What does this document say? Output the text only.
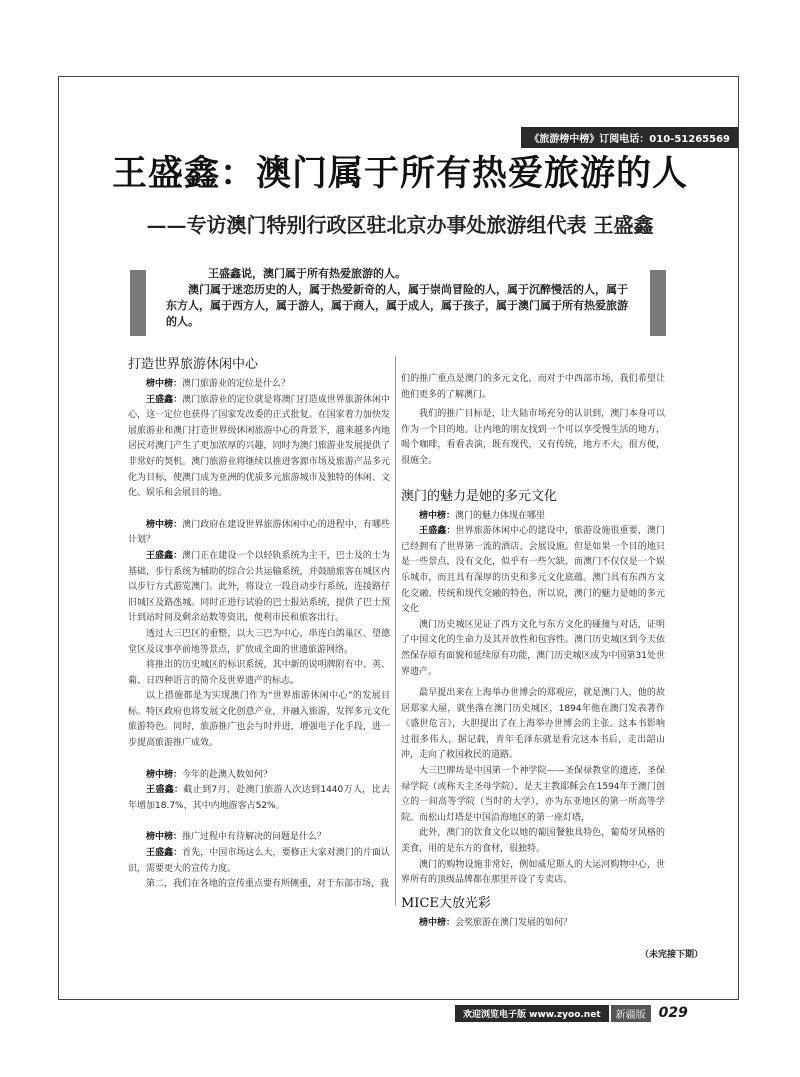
《旅游榜中榜》订阅电话：010-51265569
王盛鑫：澳门属于所有热爱旅游的人
——专访澳门特别行政区驻北京办事处旅游组代表 王盛鑫

王盛鑫说，澳门属于所有热爱旅游的人。

澳门属于迷恋历史的人，属于热爱新奇的人，属于崇尚冒险的人，属于沉醉慢活的人，属于东方人，属于西方人，属于游人，属于商人，属于成人，属于孩子，属于澳门属于所有热爱旅游的人。

打造世界旅游休闲中心

榜中榜：澳门旅游业的定位是什么？

王盛鑫：澳门旅游业的定位就是将澳门打造成世界旅游休闲中心，这一定位也获得了国家发改委的正式批复。在国家着力加快发展旅游业和澳门打造世界级休闲旅游中心的背景下，越来越多内地居民对澳门产生了更加浓厚的兴趣，同时为澳门旅游业发展提供了非常好的契机。澳门旅游业将继续以推进客源市场及旅游产品多元化为目标，使澳门成为亚洲的优质多元旅游城市及独特的休闲、文化、娱乐和会展目的地。

榜中榜：澳门政府在建设世界旅游休闲中心的进程中，有哪些计划？

王盛鑫：澳门正在建设一个以轻轨系统为主干，巴士及的士为基础，步行系统为辅助的综合公共运输系统，并鼓励旅客在城区内以步行方式游览澳门。此外，将设立一段自动步行系统，连接路仔旧城区及路氹城。同时正进行试验的巴士报站系统，提供了巴士预计到站时间及剩余站数等资讯，便利市民和旅客出行。

透过大三巴区的重整，以大三巴为中心，串连白鸽巢区、望德堂区及议事亭前地等景点，扩放成全面的世遗旅游网络。

将推出的历史城区的标识系统，其中新的说明牌附有中、英、葡、日四种语言的简介及世界遗产的标志。

以上措施都是为实现澳门作为“世界旅游休闲中心”的发展目标。特区政府也将发展文化创意产业，并融入旅游，发挥多元文化旅游特色。同时，旅游推广也会与时并进，增强电子化手段，进一步提高旅游推广成效。

榜中榜：今年的赴澳人数如何？

王盛鑫：截止到7月，赴澳门旅游人次达到1440万人，比去年增加18.7%，其中内地游客占52%。

榜中榜：推广过程中有待解决的问题是什么？

王盛鑫：首先，中国市场这么大，要修正大家对澳门的片面认识，需要更大的宣传力度。

第二，我们在各地的宣传重点要有所侧重，对于东部市场，我

们的推广重点是澳门的多元文化，而对于中西部市场，我们希望让他们更多的了解澳门。

我们的推广目标是，让大陆市场充分的认识到，澳门本身可以作为一个目的地。让内地的朋友找到一个可以享受慢生活的地方，喝个咖啡，看看表演，既有现代，又有传统，地方不大，很方便，很施全。

澳门的魅力是她的多元文化

榜中榜：澳门的魅力体现在哪里

王盛鑫：世界旅游休闲中心的建设中，旅游设施很重要，澳门已经拥有了世界第一流的酒店、会展设施。但是如果一个目的地只是一些景点，没有文化，似乎有一些欠缺。而澳门不仅仅是一个娱乐城市，而且具有深厚的历史和多元文化底蕴。澳门具有东西方文化交融、传统和现代交融的特色，所以说，澳门的魅力是她的多元文化

澳门历史城区见证了西方文化与东方文化的碰撞与对话，证明了中国文化的生命力及其开放性和包容性。澳门历史城区到今天依然保存原有面貌和延续原有功能，澳门历史城区成为中国第31处世界遗产。

最早提出来在上海举办世博会的郑观应，就是澳门人，他的故居郑家大屋，就坐落在澳门历史城区，1894年他在澳门发表著作《盛世危言》，大胆提出了在上海举办世博会的主张。这本书影响过很多伟人，据记载，青年毛泽东就是看完这本书后，走出韶山冲，走向了救国救民的道路。

大三巴牌坊是中国第一个神学院——圣保禄教堂的遗迹，圣保禄学院（或称天主圣母学院），是天主教耶稣会在1594年于澳门创立的一间高等学院（当时的大学），亦为东亚地区的第一所高等学院。而松山灯塔是中国沿海地区的第一座灯塔，

此外，澳门的饮食文化以她的葡国餐独具特色，葡萄牙风格的美食，用的是东方的食材，很独特。

澳门的购物设施非常好，例如威尼斯人的大运河购物中心，世界所有的顶级品牌都在那里开设了专卖店。

MICE大放光彩

榜中榜：会奖旅游在澳门发展的如何？

（未完接下期）
欢迎浏览电子版 www.zyoo.net	新疆版 029
